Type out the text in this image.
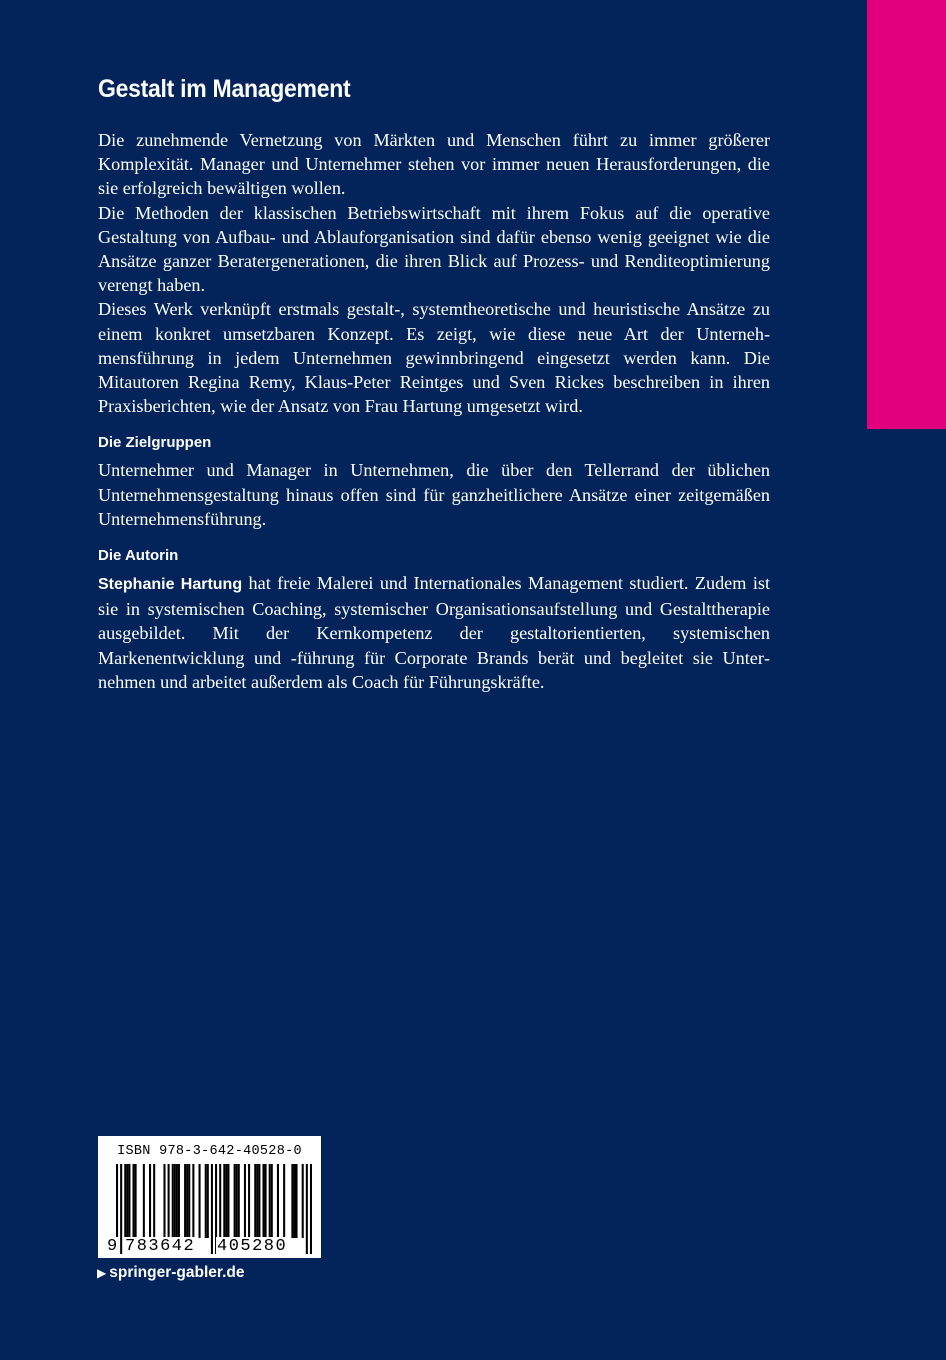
Gestalt im Management

Die zunehmende Vernetzung von Märkten und Menschen führt zu immer größerer Komplexität. Manager und Unternehmer stehen vor immer neuen Herausforderungen, die sie erfolgreich bewältigen wollen.

Die Methoden der klassischen Betriebswirtschaft mit ihrem Fokus auf die operative Gestaltung von Aufbau- und Ablauforganisation sind dafür ebenso wenig geeignet wie die Ansätze ganzer Beratergenerationen, die ihren Blick auf Prozess- und Renditeoptimierung verengt haben.

Dieses Werk verknüpft erstmals gestalt-, systemtheoretische und heuristische Ansätze zu einem konkret umsetzbaren Konzept. Es zeigt, wie diese neue Art der Unternehmensführung in jedem Unternehmen gewinnbringend eingesetzt werden kann. Die Mitautoren Regina Remy, Klaus-Peter Reintges und Sven Rickes beschreiben in ihren Praxisberichten, wie der Ansatz von Frau Hartung umgesetzt wird.

Die Zielgruppen

Unternehmer und Manager in Unternehmen, die über den Tellerrand der üblichen Unternehmensgestaltung hinaus offen sind für ganzheitlichere Ansätze einer zeitgemäßen Unternehmensführung.

Die Autorin

Stephanie Hartung hat freie Malerei und Internationales Management studiert. Zudem ist sie in systemischen Coaching, systemischer Organisationsaufstellung und Gestalttherapie ausgebildet. Mit der Kernkompetenz der gestaltorientierten, systemischen Markenentwicklung und -führung für Corporate Brands berät und begleitet sie Unternehmen und arbeitet außerdem als Coach für Führungskräfte.

ISBN 978-3-642-40528-0
9 783642 405280
▶ springer-gabler.de
